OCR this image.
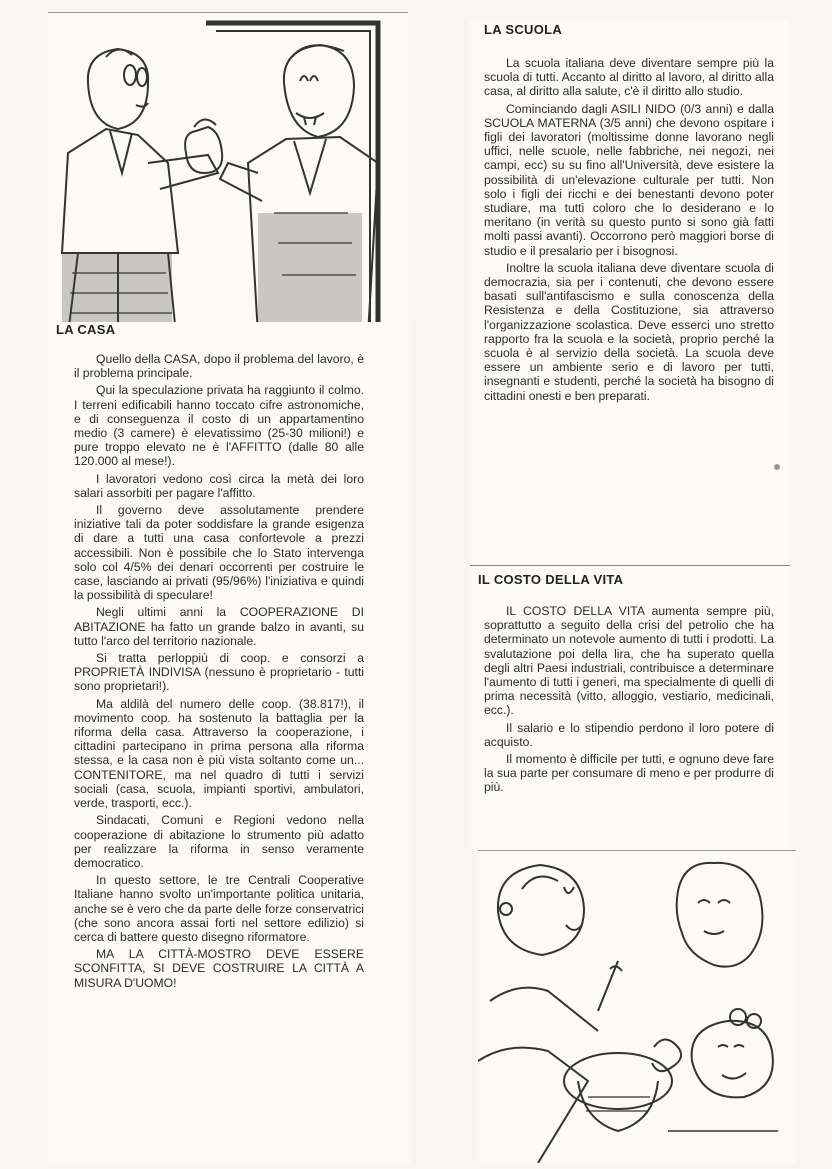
LA CASA

Quello della CASA, dopo il problema del lavoro, è il problema principale.

Qui la speculazione privata ha raggiunto il colmo. I terreni edificabili hanno toccato cifre astronomiche, e di conseguenza il costo di un appartamentino medio (3 camere) è elevatissimo (25-30 milioni!) e pure troppo elevato ne è l'AFFITTO (dalle 80 alle 120.000 al mese!).

I lavoratori vedono così circa la metà dei loro salari assorbiti per pagare l'affitto.

Il governo deve assolutamente prendere iniziative tali da poter soddisfare la grande esigenza di dare a tutti una casa confortevole a prezzi accessibili. Non è possibile che lo Stato intervenga solo col 4/5% dei denari occorrenti per costruire le case, lasciando ai privati (95/96%) l'iniziativa e quindi la possibilità di speculare!

Negli ultimi anni la COOPERAZIONE DI ABITAZIONE ha fatto un grande balzo in avanti, su tutto l'arco del territorio nazionale.

Si tratta perloppiù di coop. e consorzi a PROPRIETÀ INDIVISA (nessuno è proprietario - tutti sono proprietari!).

Ma aldilà del numero delle coop. (38.817!), il movimento coop. ha sostenuto la battaglia per la riforma della casa. Attraverso la cooperazione, i cittadini partecipano in prima persona alla riforma stessa, e la casa non è più vista soltanto come un... CONTENITORE, ma nel quadro di tutti i servizi sociali (casa, scuola, impianti sportivi, ambulatori, verde, trasporti, ecc.).

Sindacati, Comuni e Regioni vedono nella cooperazione di abitazione lo strumento più adatto per realizzare la riforma in senso veramente democratico.

In questo settore, le tre Centrali Cooperative Italiane hanno svolto un'importante politica unitaria, anche se è vero che da parte delle forze conservatrici (che sono ancora assai forti nel settore edilizio) si cerca di battere questo disegno riformatore.

MA LA CITTÀ-MOSTRO DEVE ESSERE SCONFITTA, SI DEVE COSTRUIRE LA CITTÀ A MISURA D'UOMO!

LA SCUOLA

La scuola italiana deve diventare sempre più la scuola di tutti. Accanto al diritto al lavoro, al diritto alla casa, al diritto alla salute, c'è il diritto allo studio.

Cominciando dagli ASILI NIDO (0/3 anni) e dalla SCUOLA MATERNA (3/5 anni) che devono ospitare i figli dei lavoratori (moltissime donne lavorano negli uffici, nelle scuole, nelle fabbriche, nei negozi, nei campi, ecc) su su fino all'Università, deve esistere la possibilità di un'elevazione culturale per tutti. Non solo i figli dei ricchi e dei benestanti devono poter studiare, ma tutti coloro che lo desiderano e lo meritano (in verità su questo punto si sono già fatti molti passi avanti). Occorrono però maggiori borse di studio e il presalario per i bisognosi.

Inoltre la scuola italiana deve diventare scuola di democrazia, sia per i contenuti, che devono essere basati sull'antifascismo e sulla conoscenza della Resistenza e della Costituzione, sia attraverso l'organizzazione scolastica. Deve esserci uno stretto rapporto fra la scuola e la società, proprio perché la scuola è al servizio della società. La scuola deve essere un ambiente serio e di lavoro per tutti, insegnanti e studenti, perché la società ha bisogno di cittadini onesti e ben preparati.

IL COSTO DELLA VITA

IL COSTO DELLA VITA aumenta sempre più, soprattutto a seguito della crisi del petrolio che ha determinato un notevole aumento di tutti i prodotti. La svalutazione poi della lira, che ha superato quella degli altri Paesi industriali, contribuisce a determinare l'aumento di tutti i generi, ma specialmente di quelli di prima necessità (vitto, alloggio, vestiario, medicinali, ecc.).

Il salario e lo stipendio perdono il loro potere di acquisto.

Il momento è difficile per tutti, e ognuno deve fare la sua parte per consumare di meno e per produrre di più.
